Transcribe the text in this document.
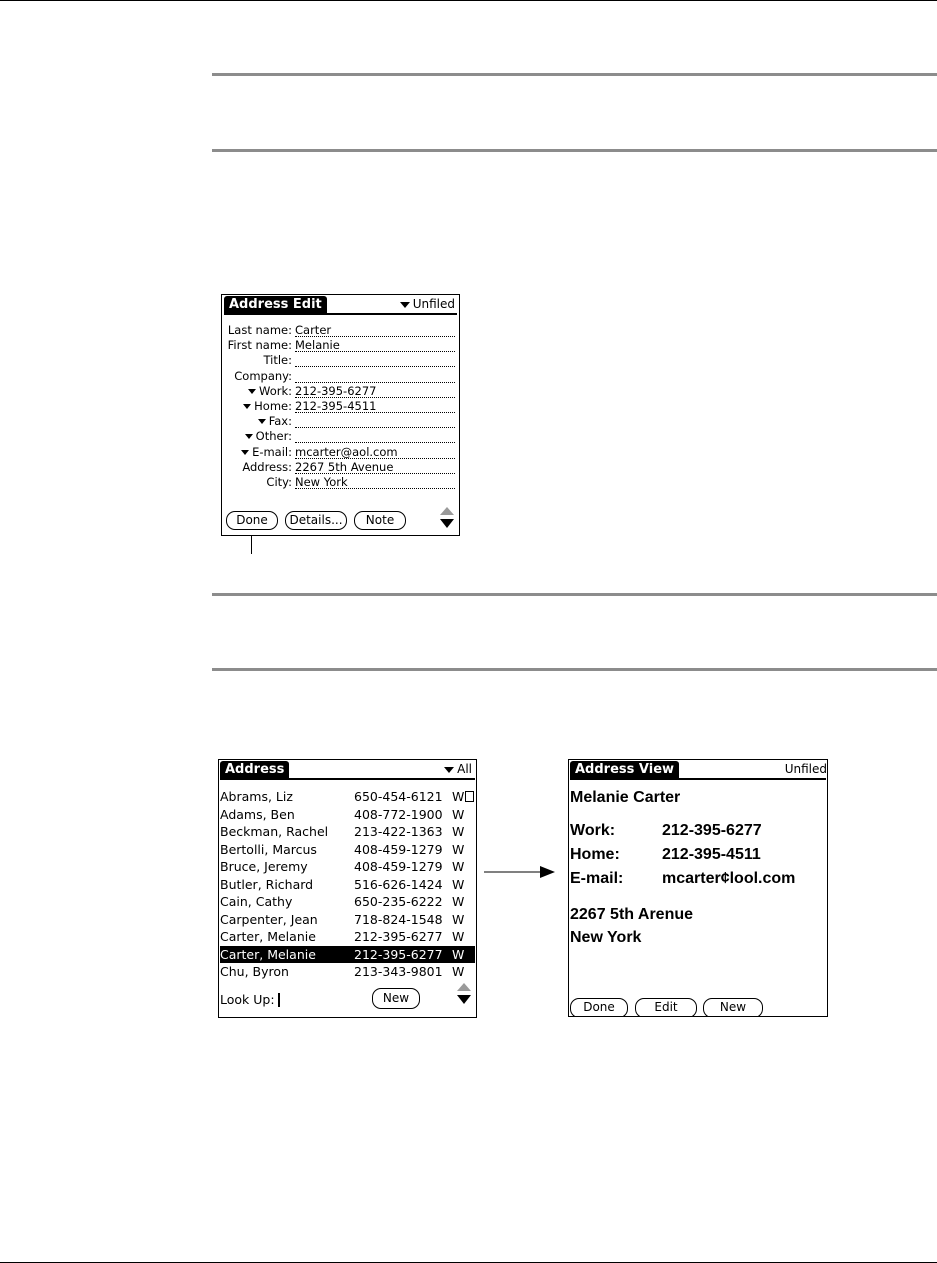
Address Edit	Unfiled
Last name: Carter
First name: Melanie
Title:
Company:
Work: 212-395-6277
Home: 212-395-4511
Fax:
Other:
E-mail: mcarter@aol.com
Address: 2267 5th Avenue
City: New York
Done	Details...	Note
Address	All
Abrams, Liz	650-454-6121 W
Adams, Ben	408-772-1900 W
Beckman, Rachel 213-422-1363 W
Bertolli, Marcus	408-459-1279 W
Bruce, Jeremy	408-459-1279 W
Butler, Richard	516-626-1424 W
Cain, Cathy	650-235-6222 W
Carpenter, Jean	718-824-1548 W
Carter, Melanie	212-395-6277 W
Carter, Melanie	212-395-6277 W
Chu, Byron	213-343-9801 W
Look Up:	New
Address View	Unfiled
Melanie Carter
Work:	212-395-6277
Home:	212-395-4511
E-mail: mcarter¢lool.com
2267 5th Arenue
New York
Done	Edit	New
